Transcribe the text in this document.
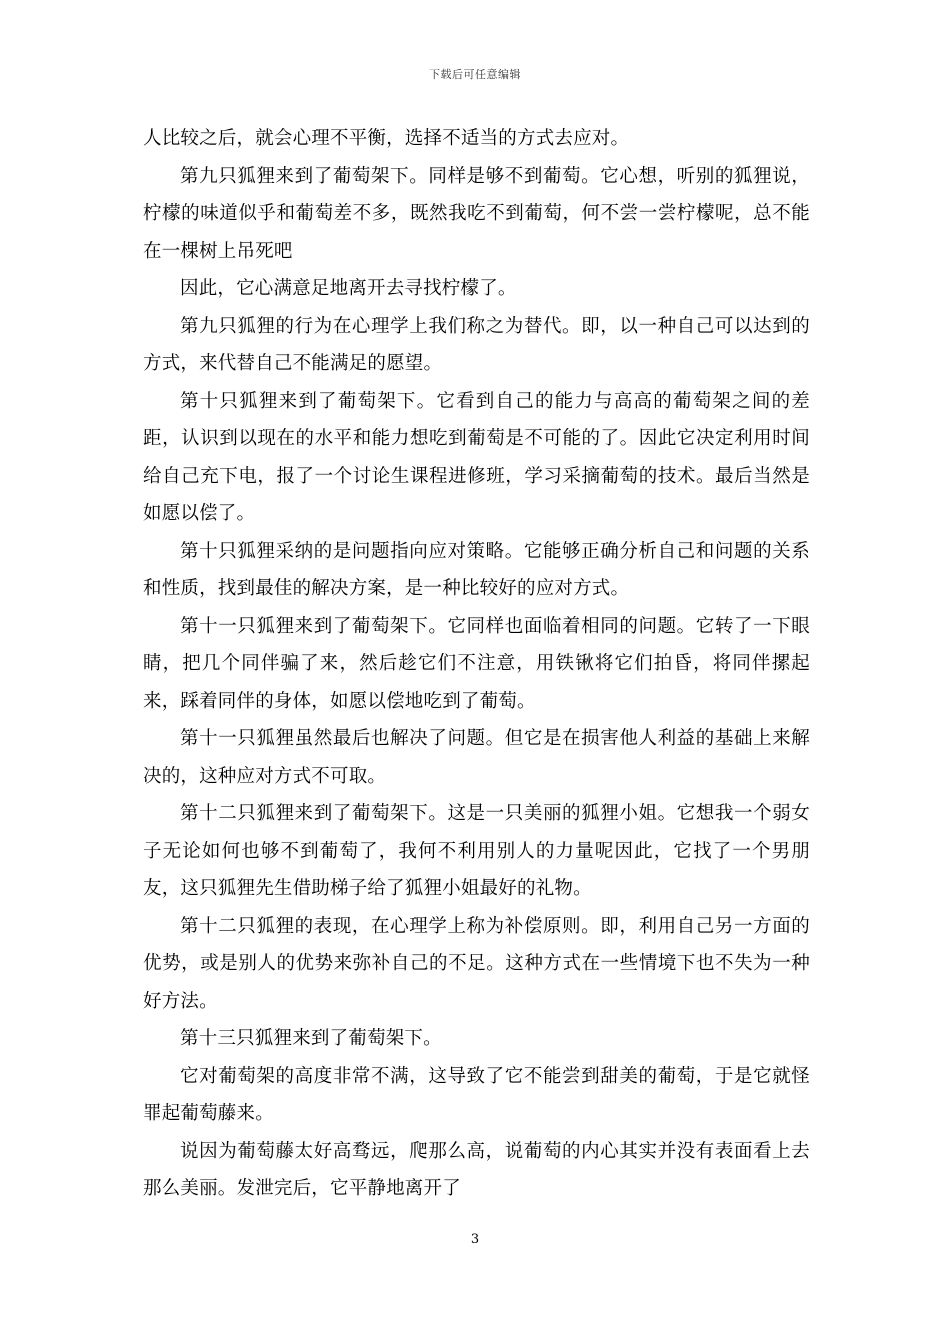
下载后可任意编辑

人比较之后，就会心理不平衡，选择不适当的方式去应对。

第九只狐狸来到了葡萄架下。同样是够不到葡萄。它心想，听别的狐狸说，柠檬的味道似乎和葡萄差不多，既然我吃不到葡萄，何不尝一尝柠檬呢，总不能在一棵树上吊死吧

因此，它心满意足地离开去寻找柠檬了。

第九只狐狸的行为在心理学上我们称之为替代。即，以一种自己可以达到的方式，来代替自己不能满足的愿望。

第十只狐狸来到了葡萄架下。它看到自己的能力与高高的葡萄架之间的差距，认识到以现在的水平和能力想吃到葡萄是不可能的了。因此它决定利用时间给自己充下电，报了一个讨论生课程进修班，学习采摘葡萄的技术。最后当然是如愿以偿了。

第十只狐狸采纳的是问题指向应对策略。它能够正确分析自己和问题的关系和性质，找到最佳的解决方案，是一种比较好的应对方式。

第十一只狐狸来到了葡萄架下。它同样也面临着相同的问题。它转了一下眼睛，把几个同伴骗了来，然后趁它们不注意，用铁锹将它们拍昏，将同伴摞起来，踩着同伴的身体，如愿以偿地吃到了葡萄。

第十一只狐狸虽然最后也解决了问题。但它是在损害他人利益的基础上来解决的，这种应对方式不可取。

第十二只狐狸来到了葡萄架下。这是一只美丽的狐狸小姐。它想我一个弱女子无论如何也够不到葡萄了，我何不利用别人的力量呢因此，它找了一个男朋友，这只狐狸先生借助梯子给了狐狸小姐最好的礼物。

第十二只狐狸的表现，在心理学上称为补偿原则。即，利用自己另一方面的优势，或是别人的优势来弥补自己的不足。这种方式在一些情境下也不失为一种好方法。

第十三只狐狸来到了葡萄架下。

它对葡萄架的高度非常不满，这导致了它不能尝到甜美的葡萄，于是它就怪罪起葡萄藤来。

说因为葡萄藤太好高骛远，爬那么高，说葡萄的内心其实并没有表面看上去那么美丽。发泄完后，它平静地离开了

3
